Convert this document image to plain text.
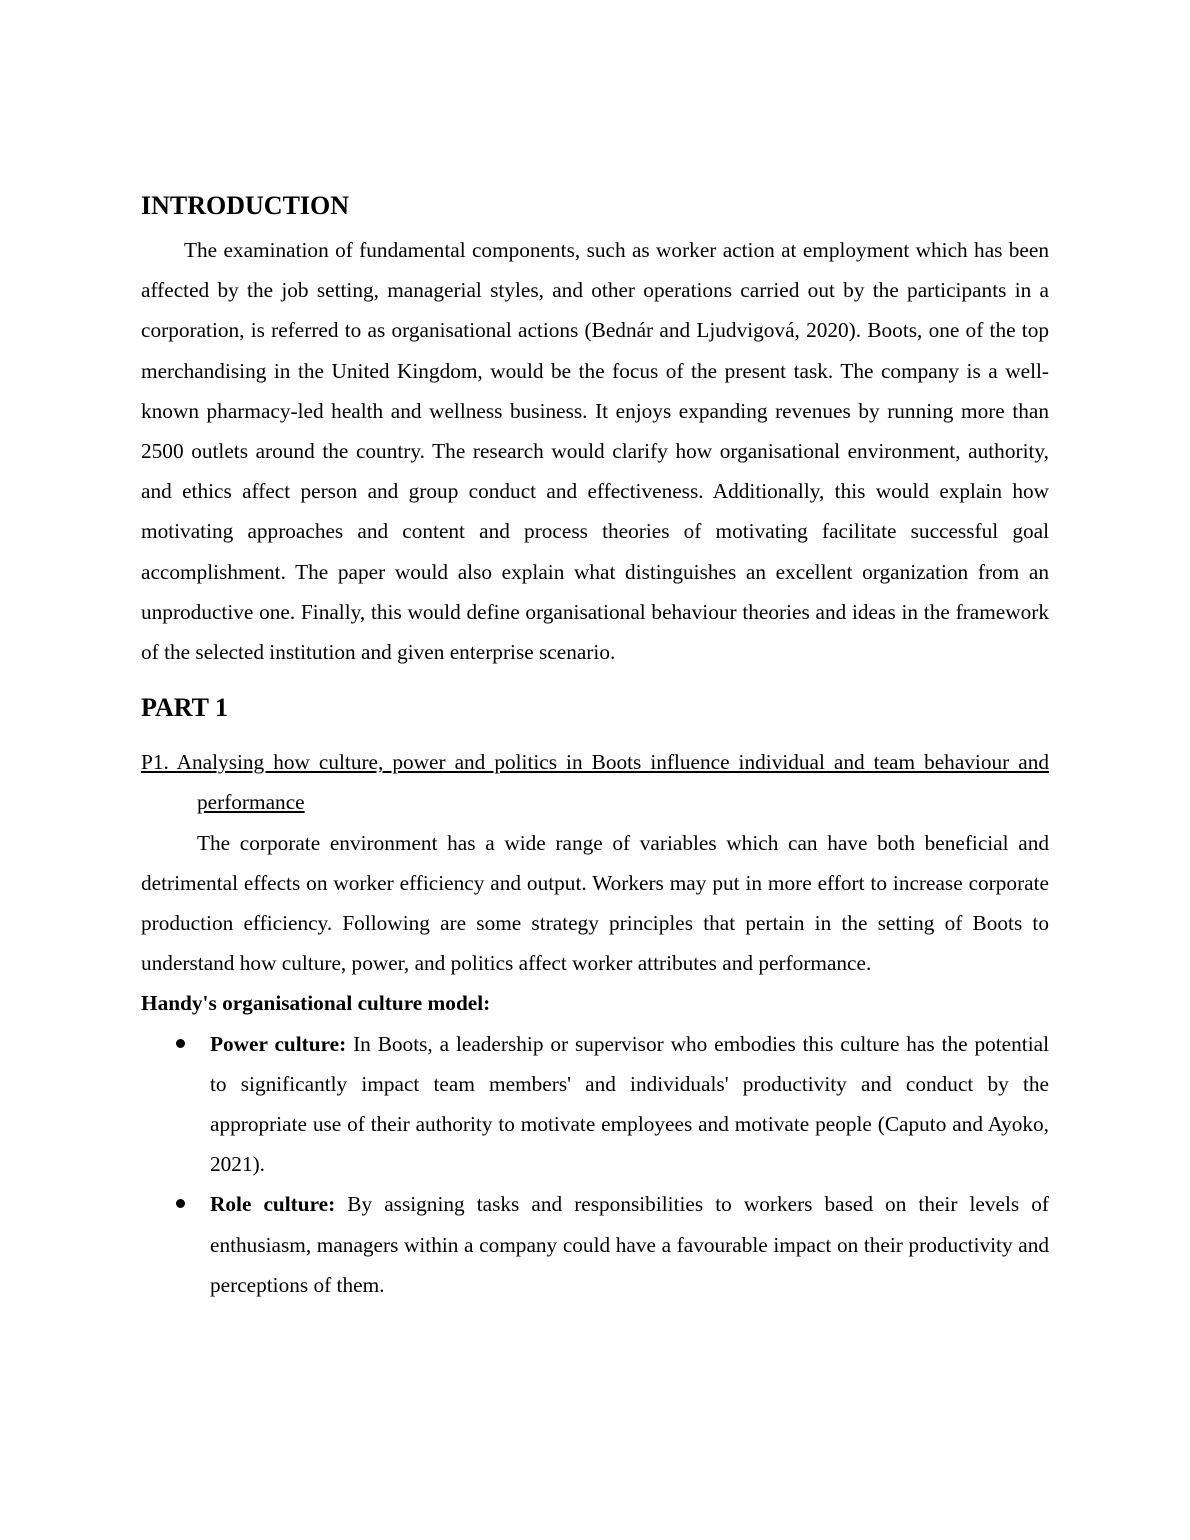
INTRODUCTION

The examination of fundamental components, such as worker action at employment which has been affected by the job setting, managerial styles, and other operations carried out by the participants in a corporation, is referred to as organisational actions (Bednár and Ljudvigová, 2020). Boots, one of the top merchandising in the United Kingdom, would be the focus of the present task. The company is a well-known pharmacy-led health and wellness business. It enjoys expanding revenues by running more than 2500 outlets around the country. The research would clarify how organisational environment, authority, and ethics affect person and group conduct and effectiveness. Additionally, this would explain how motivating approaches and content and process theories of motivating facilitate successful goal accomplishment. The paper would also explain what distinguishes an excellent organization from an unproductive one. Finally, this would define organisational behaviour theories and ideas in the framework of the selected institution and given enterprise scenario.

PART 1

P1. Analysing how culture, power and politics in Boots influence individual and team behaviour and performance

The corporate environment has a wide range of variables which can have both beneficial and detrimental effects on worker efficiency and output. Workers may put in more effort to increase corporate production efficiency. Following are some strategy principles that pertain in the setting of Boots to understand how culture, power, and politics affect worker attributes and performance.

Handy's organisational culture model:

Power culture: In Boots, a leadership or supervisor who embodies this culture has the potential to significantly impact team members' and individuals' productivity and conduct by the appropriate use of their authority to motivate employees and motivate people (Caputo and Ayoko, 2021).
Role culture: By assigning tasks and responsibilities to workers based on their levels of enthusiasm, managers within a company could have a favourable impact on their productivity and perceptions of them.
